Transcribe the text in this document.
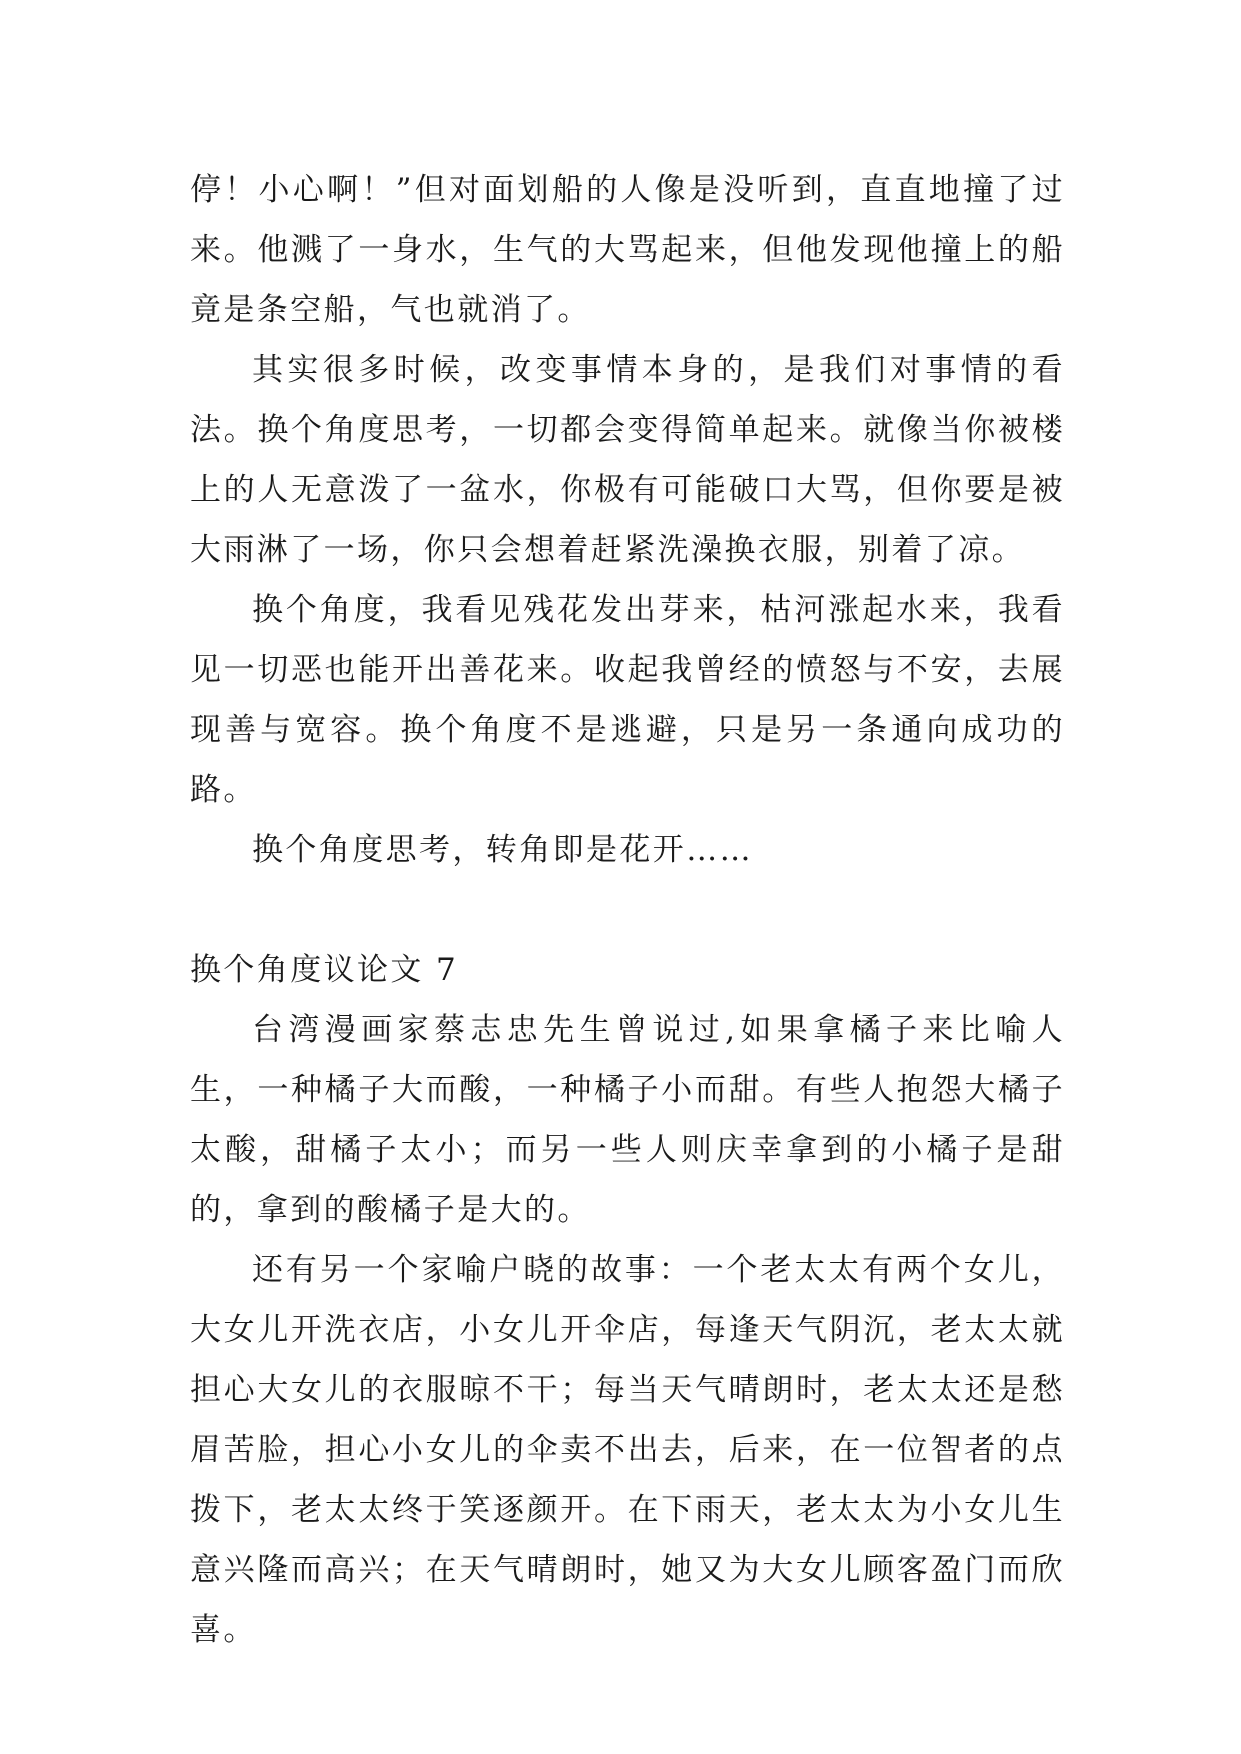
停！小心啊！”但对面划船的人像是没听到，直直地撞了过来。他溅了一身水，生气的大骂起来，但他发现他撞上的船竟是条空船，气也就消了。

其实很多时候，改变事情本身的，是我们对事情的看法。换个角度思考，一切都会变得简单起来。就像当你被楼上的人无意泼了一盆水，你极有可能破口大骂，但你要是被大雨淋了一场，你只会想着赶紧洗澡换衣服，别着了凉。

换个角度，我看见残花发出芽来，枯河涨起水来，我看见一切恶也能开出善花来。收起我曾经的愤怒与不安，去展现善与宽容。换个角度不是逃避，只是另一条通向成功的路。

换个角度思考，转角即是花开……

换个角度议论文 7

台湾漫画家蔡志忠先生曾说过,如果拿橘子来比喻人生，一种橘子大而酸，一种橘子小而甜。有些人抱怨大橘子太酸，甜橘子太小；而另一些人则庆幸拿到的小橘子是甜的，拿到的酸橘子是大的。

还有另一个家喻户晓的故事：一个老太太有两个女儿，大女儿开洗衣店，小女儿开伞店，每逢天气阴沉，老太太就担心大女儿的衣服晾不干；每当天气晴朗时，老太太还是愁眉苦脸，担心小女儿的伞卖不出去，后来，在一位智者的点拨下，老太太终于笑逐颜开。在下雨天，老太太为小女儿生意兴隆而高兴；在天气晴朗时，她又为大女儿顾客盈门而欣喜。
